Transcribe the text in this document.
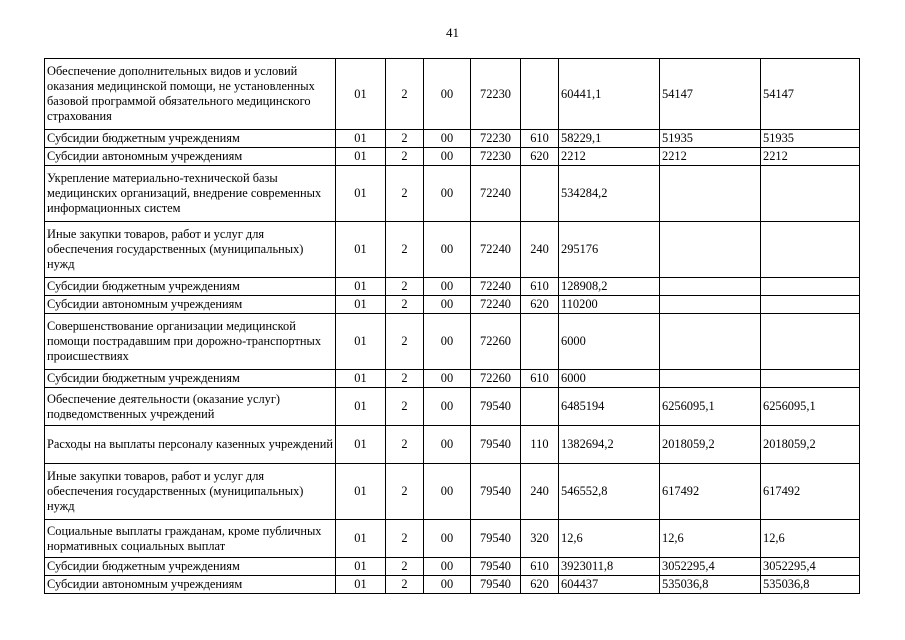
41
Обеспечение дополнительных видов и условий оказания медицинской помощи, не установленных базовой программой обязательного медицинского страхования	01	2	00	72230		60441,1	54147	54147
Субсидии бюджетным учреждениям	01	2	00	72230	610	58229,1	51935	51935
Субсидии автономным учреждениям	01	2	00	72230	620	2212	2212	2212
Укрепление материально-технической базы медицинских организаций, внедрение современных информационных систем	01	2	00	72240		534284,2		
Иные закупки товаров, работ и услуг для обеспечения государственных (муниципальных) нужд	01	2	00	72240	240	295176		
Субсидии бюджетным учреждениям	01	2	00	72240	610	128908,2		
Субсидии автономным учреждениям	01	2	00	72240	620	110200		
Совершенствование организации медицинской помощи пострадавшим при дорожно-транспортных происшествиях	01	2	00	72260		6000		
Субсидии бюджетным учреждениям	01	2	00	72260	610	6000		
Обеспечение деятельности (оказание услуг) подведомственных учреждений	01	2	00	79540		6485194	6256095,1	6256095,1
Расходы на выплаты персоналу казенных учреждений	01	2	00	79540	110	1382694,2	2018059,2	2018059,2
Иные закупки товаров, работ и услуг для обеспечения государственных (муниципальных) нужд	01	2	00	79540	240	546552,8	617492	617492
Социальные выплаты гражданам, кроме публичных нормативных социальных выплат	01	2	00	79540	320	12,6	12,6	12,6
Субсидии бюджетным учреждениям	01	2	00	79540	610	3923011,8	3052295,4	3052295,4
Субсидии автономным учреждениям	01	2	00	79540	620	604437	535036,8	535036,8
